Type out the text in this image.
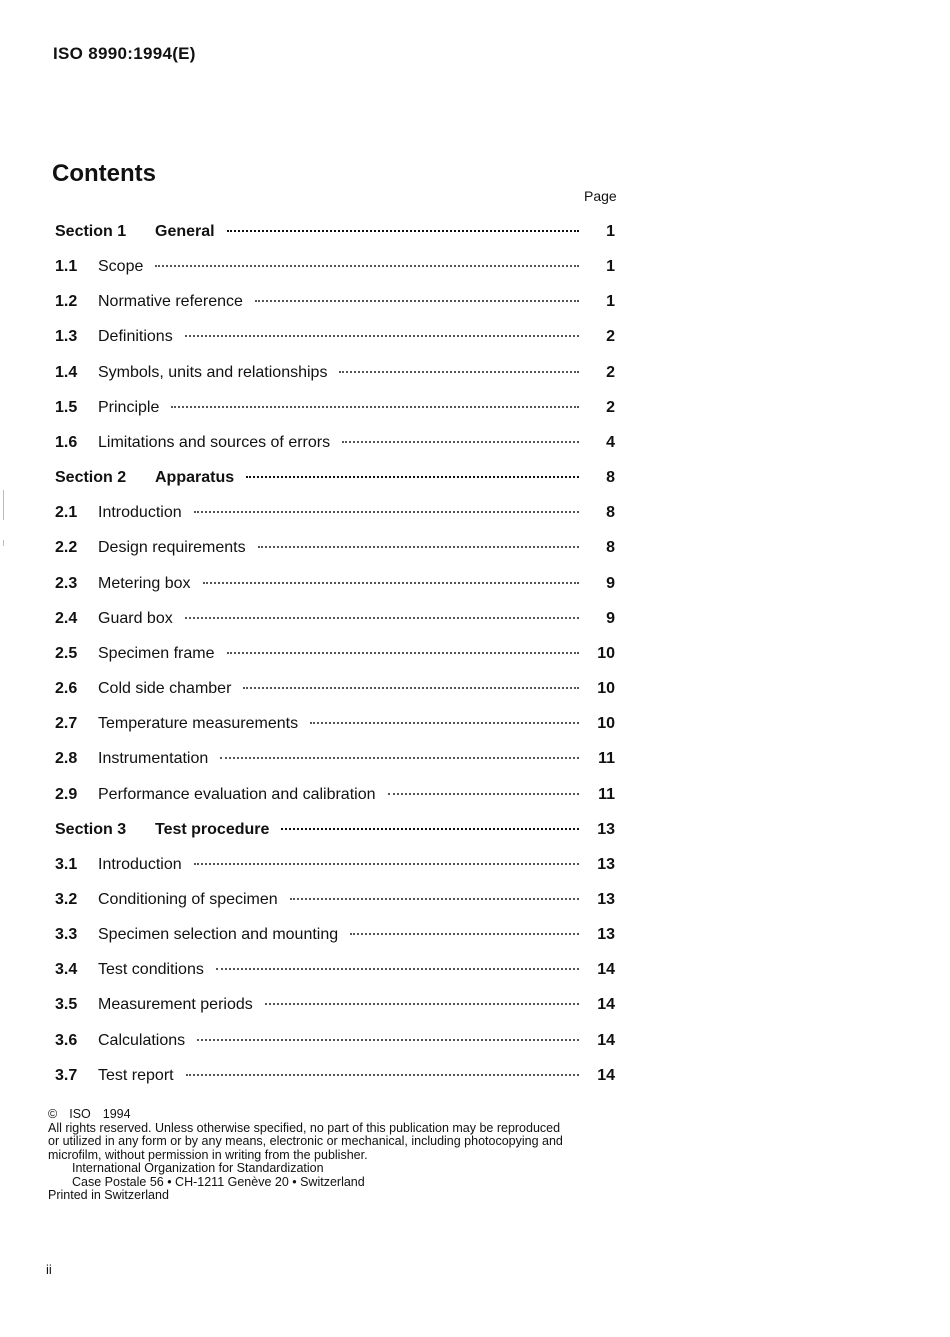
ISO 8990:1994(E)
Contents
Page
Section 1	General	1
1.1	Scope	1
1.2	Normative reference	1
1.3	Definitions	2
1.4	Symbols, units and relationships	2
1.5	Principle	2
1.6	Limitations and sources of errors	4
Section 2	Apparatus	8
2.1	Introduction	8
2.2	Design requirements	8
2.3	Metering box	9
2.4	Guard box	9
2.5	Specimen frame	10
2.6	Cold side chamber	10
2.7	Temperature measurements	10
2.8	Instrumentation	11
2.9	Performance evaluation and calibration	11
Section 3	Test procedure	13
3.1	Introduction	13
3.2	Conditioning of specimen	13
3.3	Specimen selection and mounting	13
3.4	Test conditions	14
3.5	Measurement periods	14
3.6	Calculations	14
3.7	Test report	14

© ISO 1994

All rights reserved. Unless otherwise specified, no part of this publication may be reproduced

or utilized in any form or by any means, electronic or mechanical, including photocopying and

microfilm, without permission in writing from the publisher.

International Organization for Standardization

Case Postale 56 • CH-1211 Genève 20 • Switzerland

Printed in Switzerland

ii
